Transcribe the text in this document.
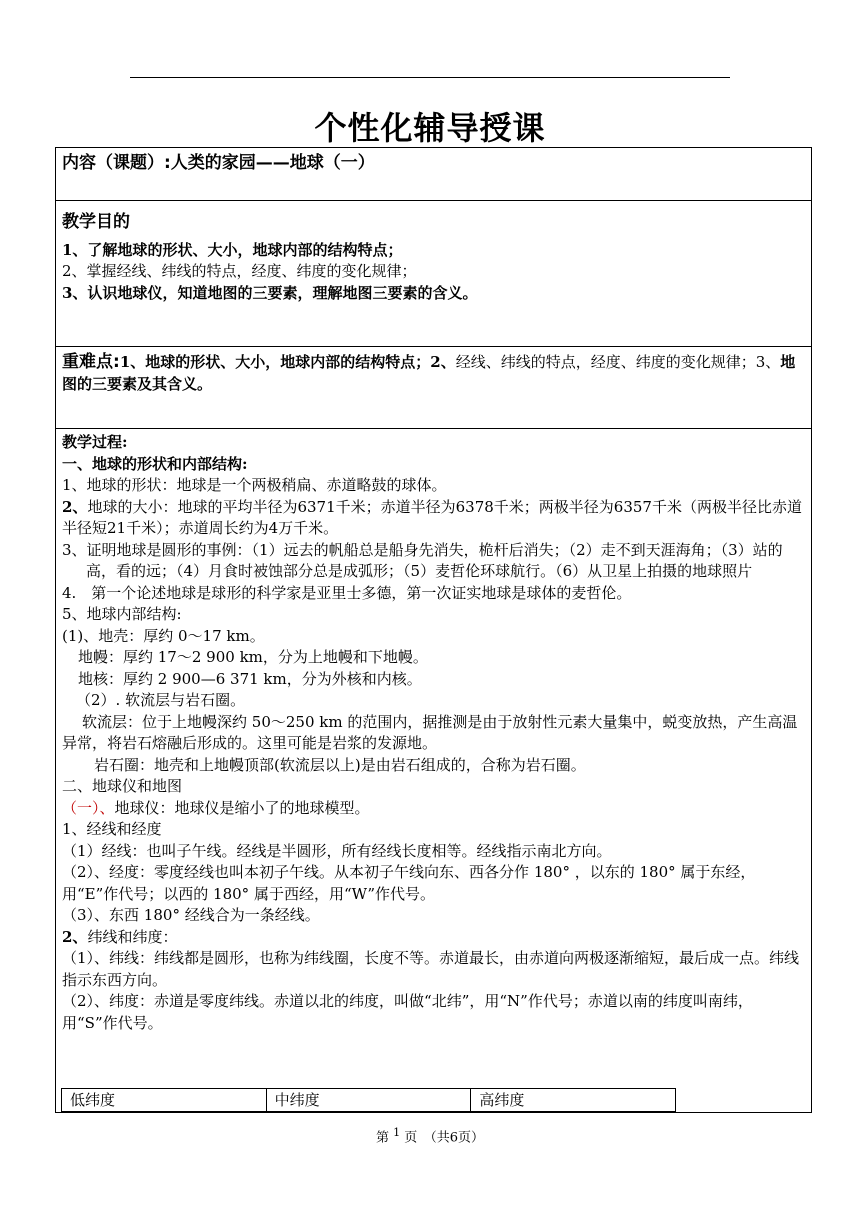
个性化辅导授课

内容（课题）:人类的家园——地球（一）

教学目的

1、了解地球的形状、大小，地球内部的结构特点；

2、掌握经线、纬线的特点，经度、纬度的变化规律；

3、认识地球仪，知道地图的三要素，理解地图三要素的含义。

重难点:1、地球的形状、大小，地球内部的结构特点；2、经线、纬线的特点，经度、纬度的变化规律；3、地图的三要素及其含义。

教学过程:

一、地球的形状和内部结构:

1、地球的形状：地球是一个两极稍扁、赤道略鼓的球体。

2、地球的大小：地球的平均半径为6371千米；赤道半径为6378千米；两极半径为6357千米（两极半径比赤道半径短21千米）；赤道周长约为4万千米。

3、证明地球是圆形的事例：（1）远去的帆船总是船身先消失，桅杆后消失；（2）走不到天涯海角；（3）站的高，看的远；（4）月食时被蚀部分总是成弧形；（5）麦哲伦环球航行。（6）从卫星上拍摄的地球照片

4.　第一个论述地球是球形的科学家是亚里士多德，第一次证实地球是球体的麦哲伦。

5、地球内部结构:

(1)、地壳：厚约 0～17 km。

地幔：厚约 17～2 900 km，分为上地幔和下地幔。

地核：厚约 2 900—6 371 km，分为外核和内核。

（2）. 软流层与岩石圈。

软流层：位于上地幔深约 50～250 km 的范围内，据推测是由于放射性元素大量集中，蜕变放热，产生高温异常，将岩石熔融后形成的。这里可能是岩浆的发源地。

岩石圈：地壳和上地幔顶部(软流层以上)是由岩石组成的，合称为岩石圈。

二、地球仪和地图

（一）、地球仪：地球仪是缩小了的地球模型。

1、经线和经度

（1）经线：也叫子午线。经线是半圆形，所有经线长度相等。经线指示南北方向。

（2）、经度：零度经线也叫本初子午线。从本初子午线向东、西各分作 180° ，以东的 180° 属于东经，用“E”作代号；以西的 180° 属于西经，用“W”作代号。

（3）、东西 180° 经线合为一条经线。

2、纬线和纬度：

（1）、纬线：纬线都是圆形，也称为纬线圈，长度不等。赤道最长，由赤道向两极逐渐缩短，最后成一点。纬线指示东西方向。

（2）、纬度：赤道是零度纬线。赤道以北的纬度，叫做“北纬”，用“N”作代号；赤道以南的纬度叫南纬，用“S”作代号。

低纬度	中纬度	高纬度
第 $^1$ 页　（共6页）
